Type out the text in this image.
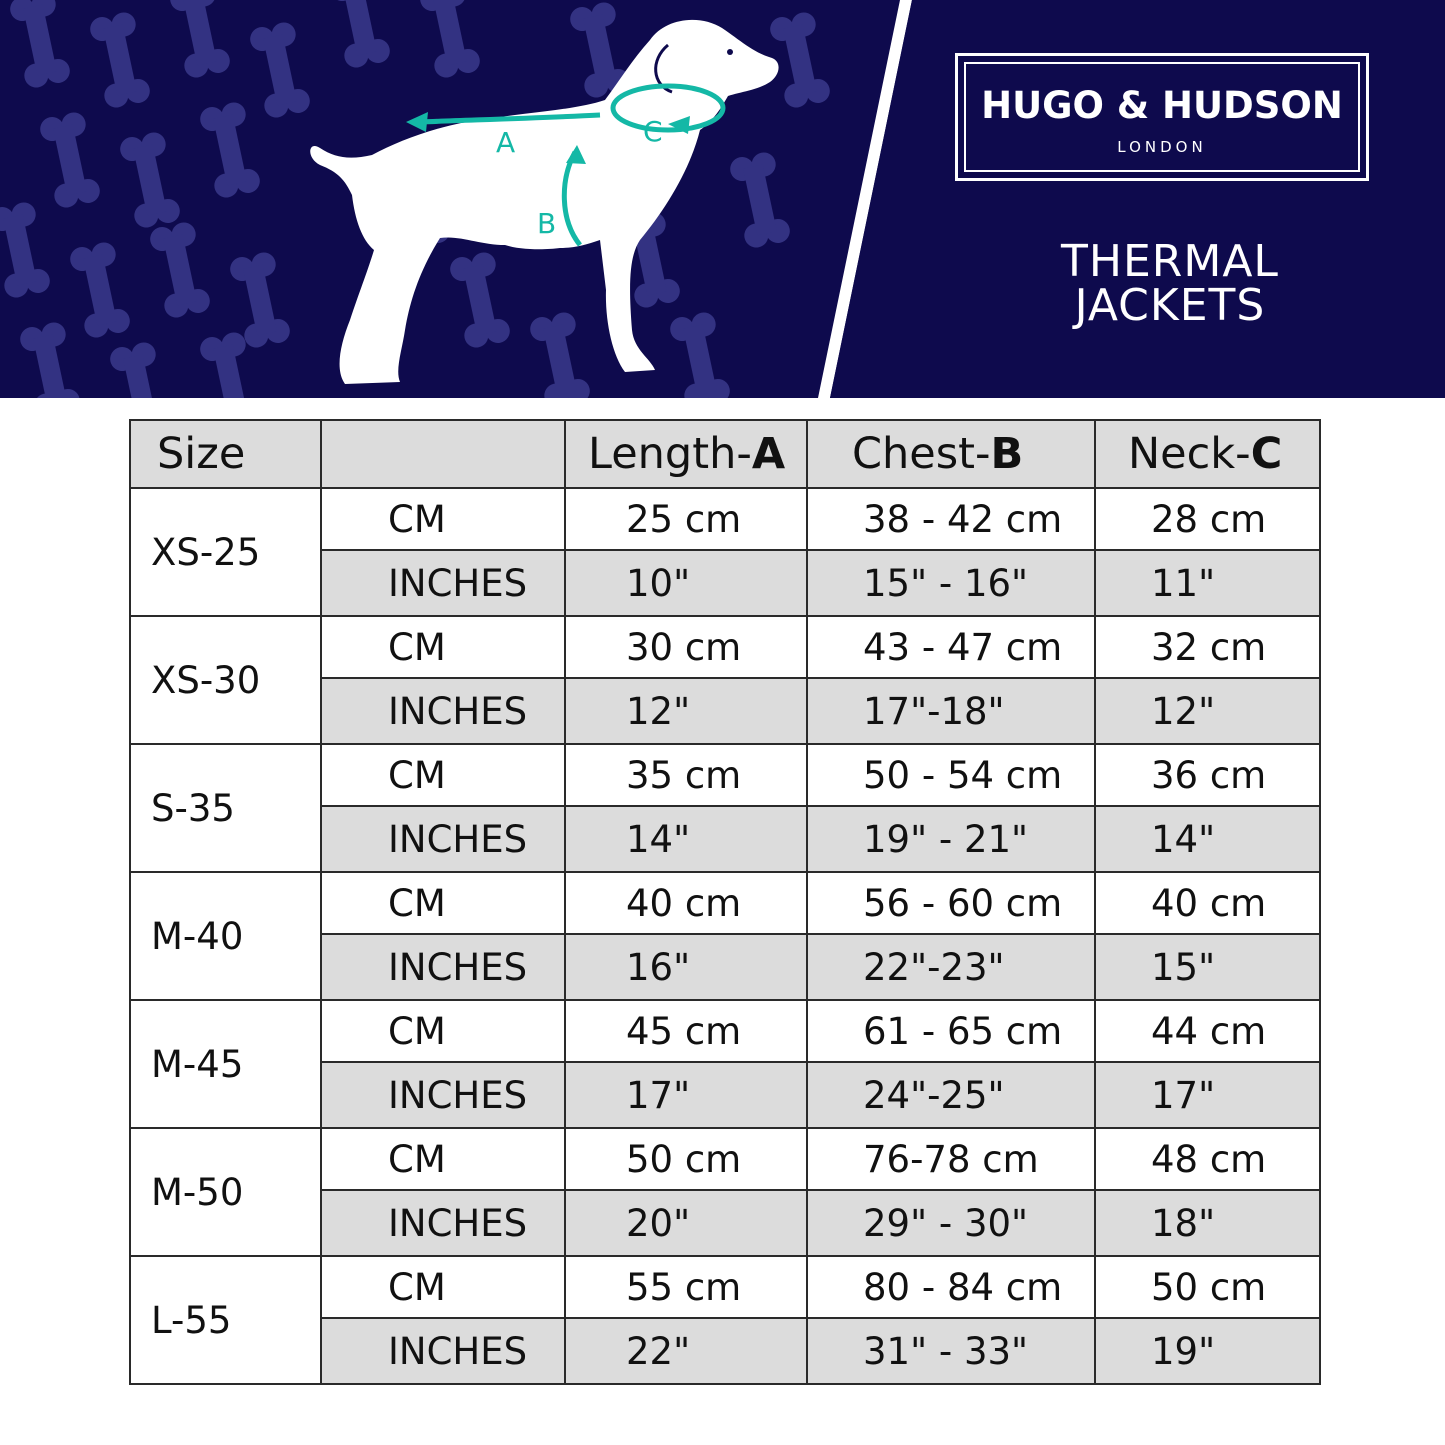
A
B
C
HUGO & HUDSON
LONDON
THERMAL
JACKETS
Size		Length-A	Chest-B	Neck-C
XS-25	CM	25 cm	38 - 42 cm	28 cm
	INCHES	10"	15" - 16"	11"
XS-30	CM	30 cm	43 - 47 cm	32 cm
	INCHES	12"	17"-18"	12"
S-35	CM	35 cm	50 - 54 cm	36 cm
	INCHES	14"	19" - 21"	14"
M-40	CM	40 cm	56 - 60 cm	40 cm
	INCHES	16"	22"-23"	15"
M-45	CM	45 cm	61 - 65 cm	44 cm
	INCHES	17"	24"-25"	17"
M-50	CM	50 cm	76-78 cm	48 cm
	INCHES	20"	29" - 30"	18"
L-55	CM	55 cm	80 - 84 cm	50 cm
	INCHES	22"	31" - 33"	19"
